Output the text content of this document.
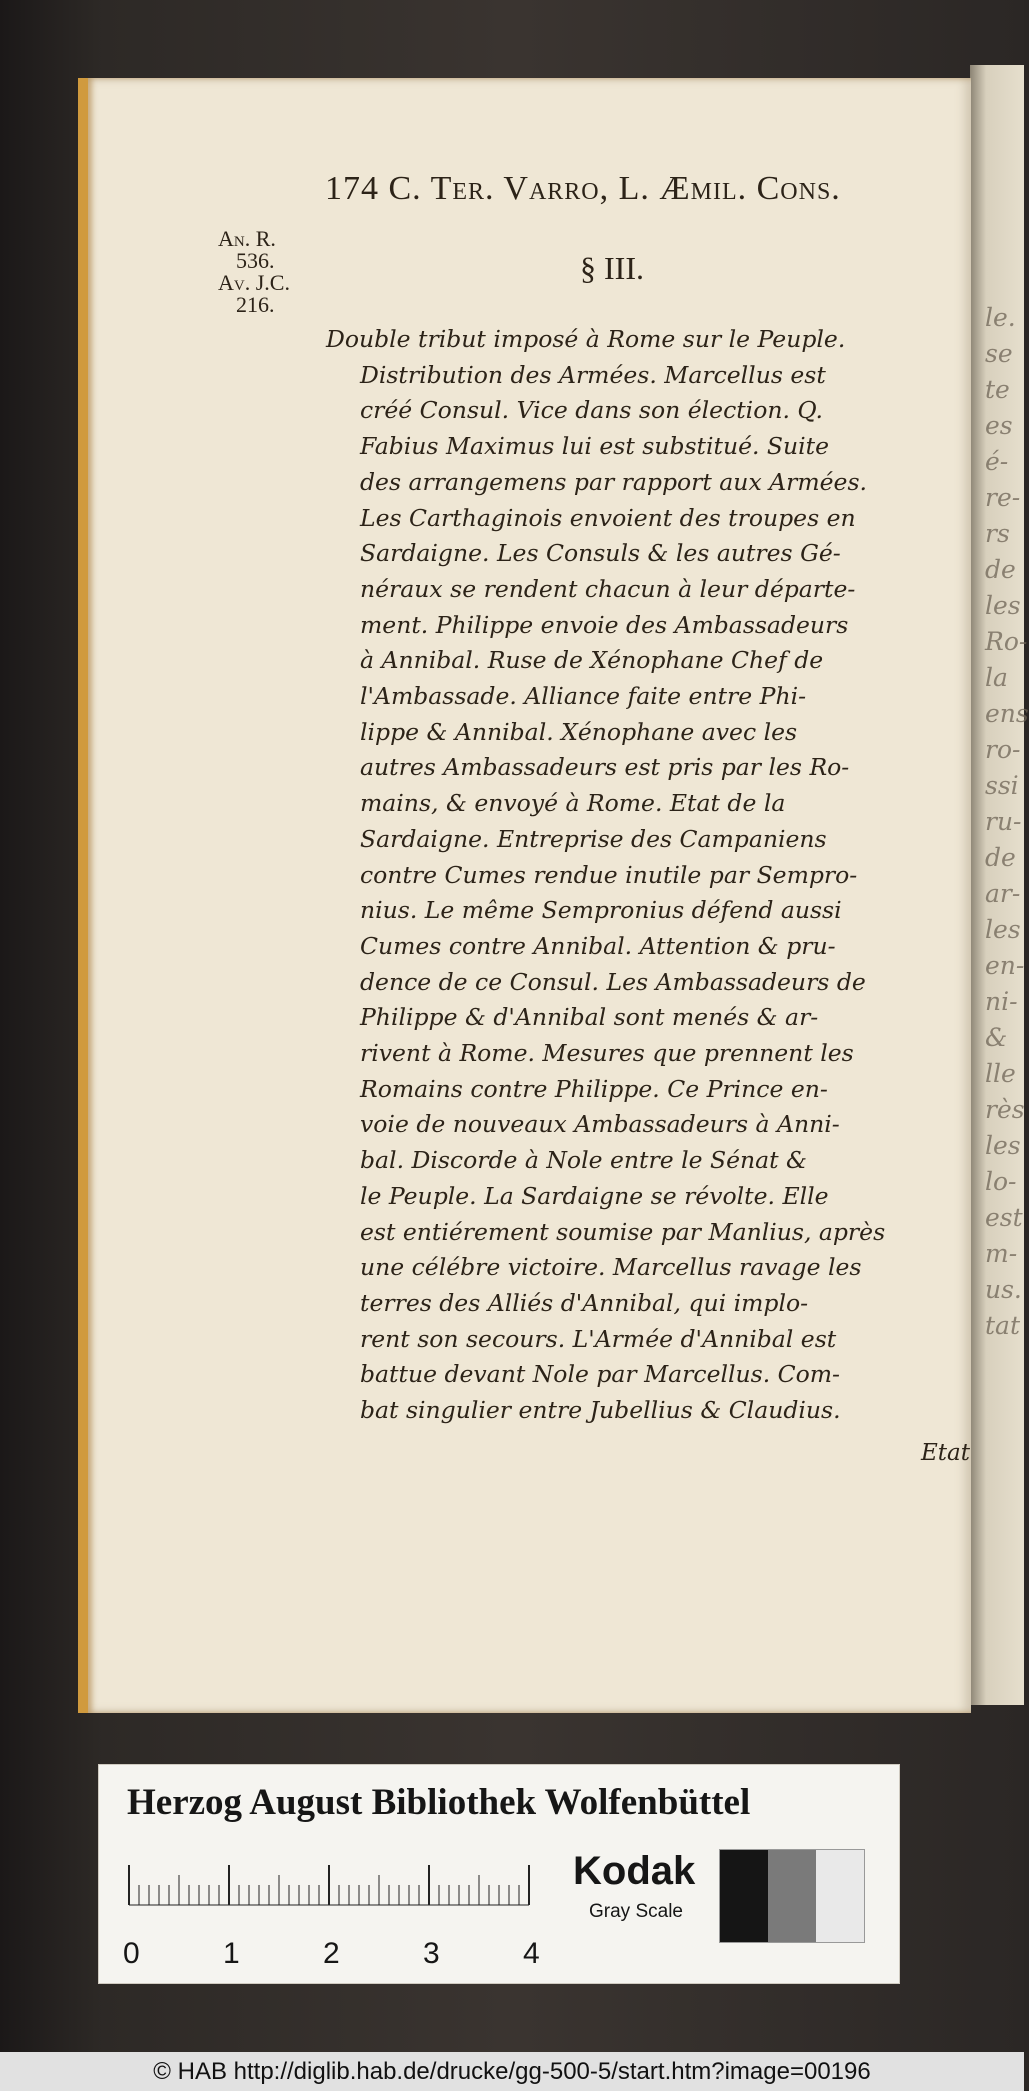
le.
se
te
es
é-
re-
rs
de
les
Ro-
la
ens
ro-
ssi
ru-
de
ar-
les
en-
ni-
&
lle
rès
les
lo-
est
m-
us.
tat
174 C. Ter. Varro, L. Æmil. Cons.
An. R.
536.
Av. J.C.
216.
§ III.
Double tribut imposé à Rome sur le Peuple.
Distribution des Armées. Marcellus est
créé Consul. Vice dans son élection. Q.
Fabius Maximus lui est substitué. Suite
des arrangemens par rapport aux Armées.
Les Carthaginois envoient des troupes en
Sardaigne. Les Consuls & les autres Gé-
néraux se rendent chacun à leur départe-
ment. Philippe envoie des Ambassadeurs
à Annibal. Ruse de Xénophane Chef de
l'Ambassade. Alliance faite entre Phi-
lippe & Annibal. Xénophane avec les
autres Ambassadeurs est pris par les Ro-
mains, & envoyé à Rome. Etat de la
Sardaigne. Entreprise des Campaniens
contre Cumes rendue inutile par Sempro-
nius. Le même Sempronius défend aussi
Cumes contre Annibal. Attention & pru-
dence de ce Consul. Les Ambassadeurs de
Philippe & d'Annibal sont menés & ar-
rivent à Rome. Mesures que prennent les
Romains contre Philippe. Ce Prince en-
voie de nouveaux Ambassadeurs à Anni-
bal. Discorde à Nole entre le Sénat &
le Peuple. La Sardaigne se révolte. Elle
est entiérement soumise par Manlius, après
une célébre victoire. Marcellus ravage les
terres des Alliés d'Annibal, qui implo-
rent son secours. L'Armée d'Annibal est
battue devant Nole par Marcellus. Com-
bat singulier entre Jubellius & Claudius.
Etat
Herzog August Bibliothek Wolfenbüttel
0	1	2	3	4
Kodak
Gray Scale
© HAB http://diglib.hab.de/drucke/gg-500-5/start.htm?image=00196
